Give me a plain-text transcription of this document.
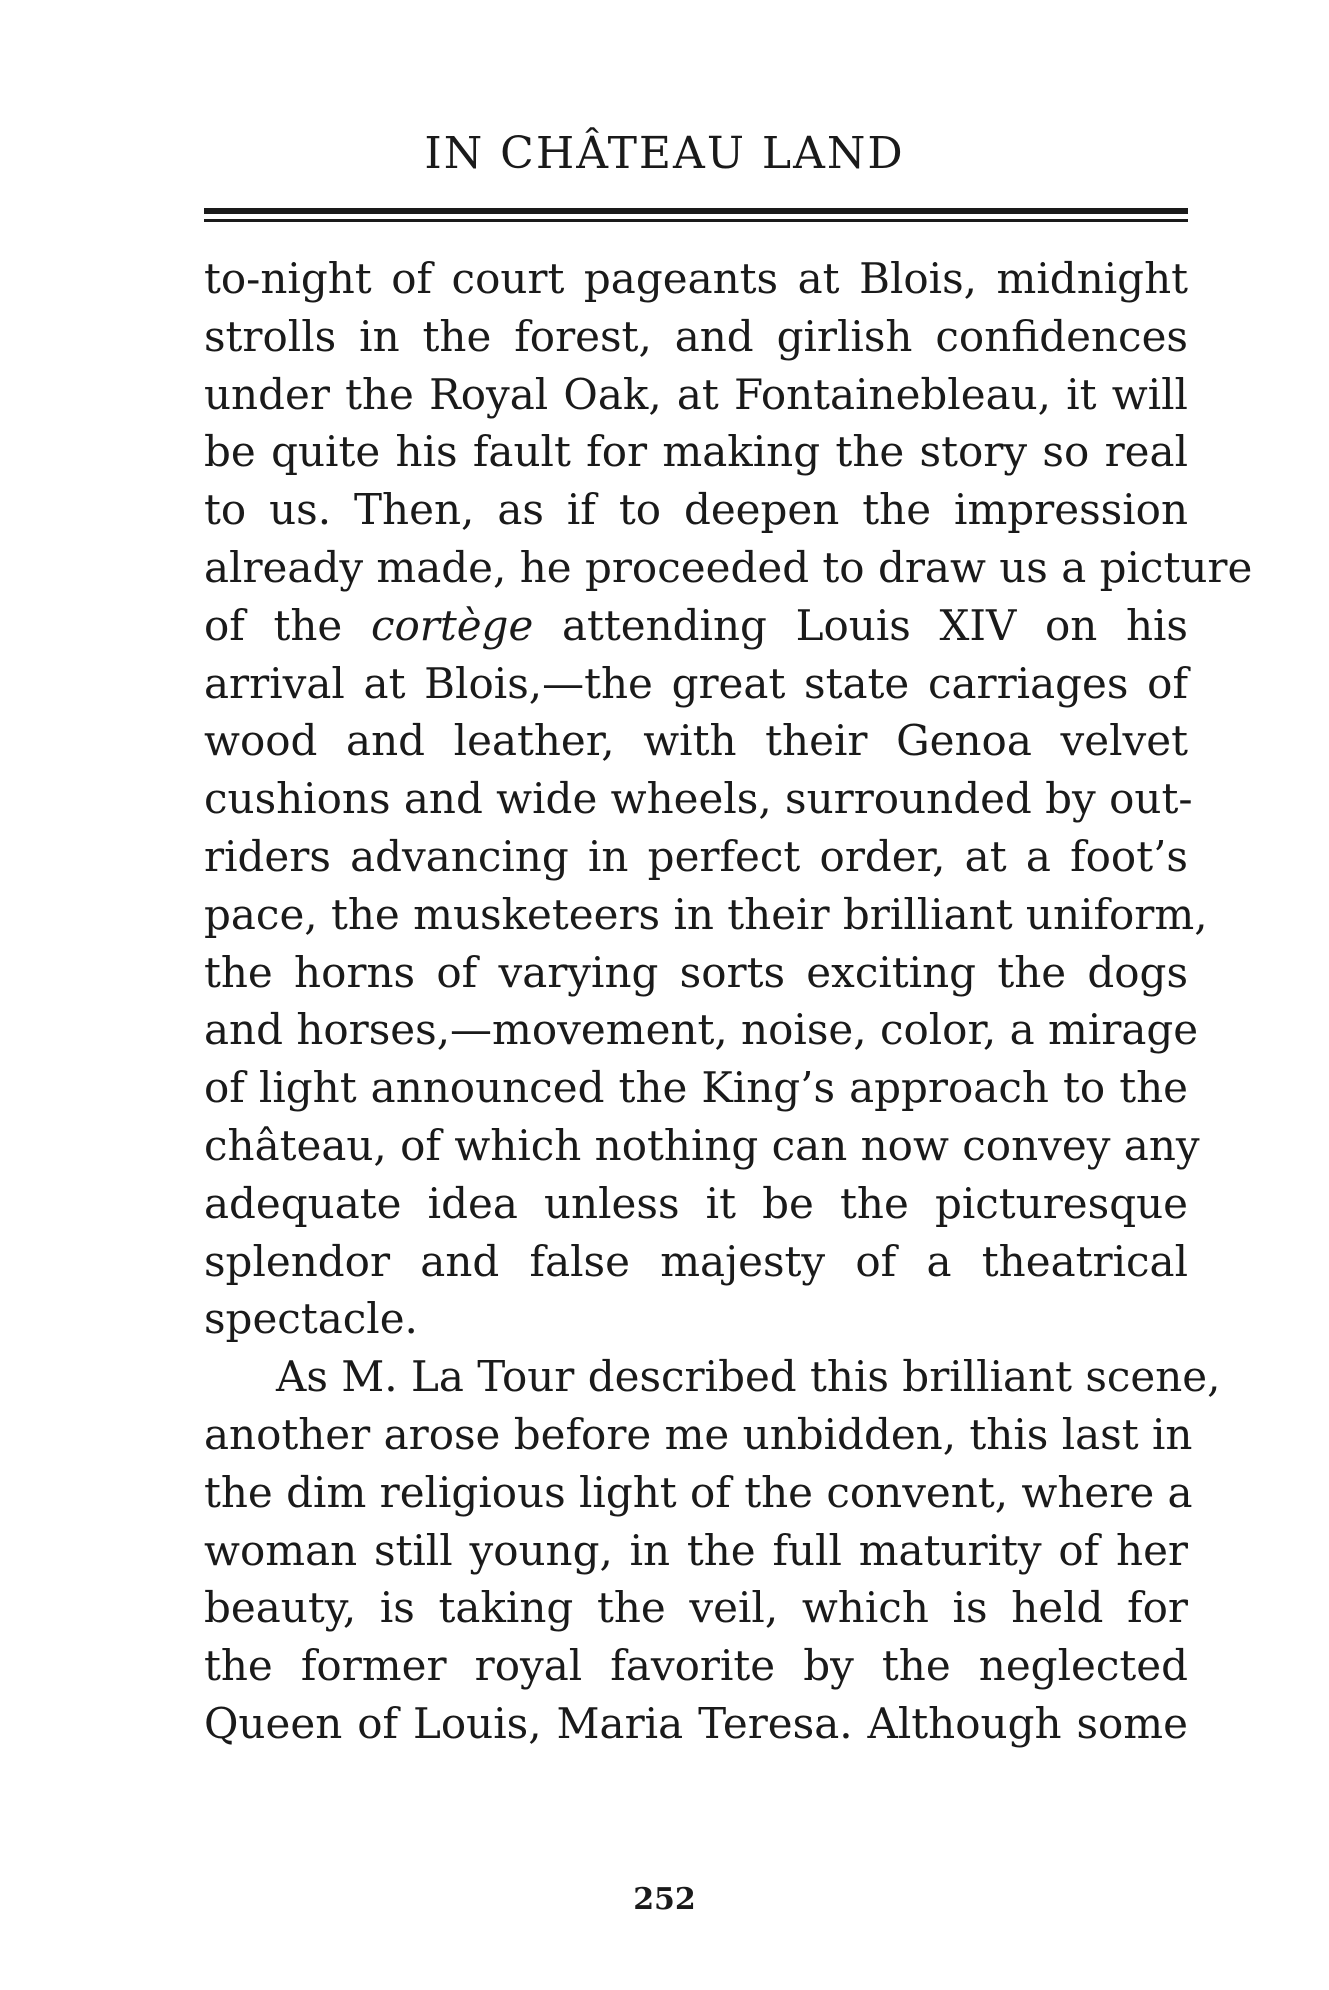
IN CHÂTEAU LAND
to-night of court pageants at Blois, midnight
strolls in the forest, and girlish confidences
under the Royal Oak, at Fontainebleau, it will
be quite his fault for making the story so real
to us. Then, as if to deepen the impression
already made, he proceeded to draw us a picture
of the cortège attending Louis XIV on his
arrival at Blois,—the great state carriages of
wood and leather, with their Genoa velvet
cushions and wide wheels, surrounded by out-
riders advancing in perfect order, at a foot’s
pace, the musketeers in their brilliant uniform,
the horns of varying sorts exciting the dogs
and horses,—movement, noise, color, a mirage
of light announced the King’s approach to the
château, of which nothing can now convey any
adequate idea unless it be the picturesque
splendor and false majesty of a theatrical
spectacle.
As M. La Tour described this brilliant scene,
another arose before me unbidden, this last in
the dim religious light of the convent, where a
woman still young, in the full maturity of her
beauty, is taking the veil, which is held for
the former royal favorite by the neglected
Queen of Louis, Maria Teresa. Although some
252
